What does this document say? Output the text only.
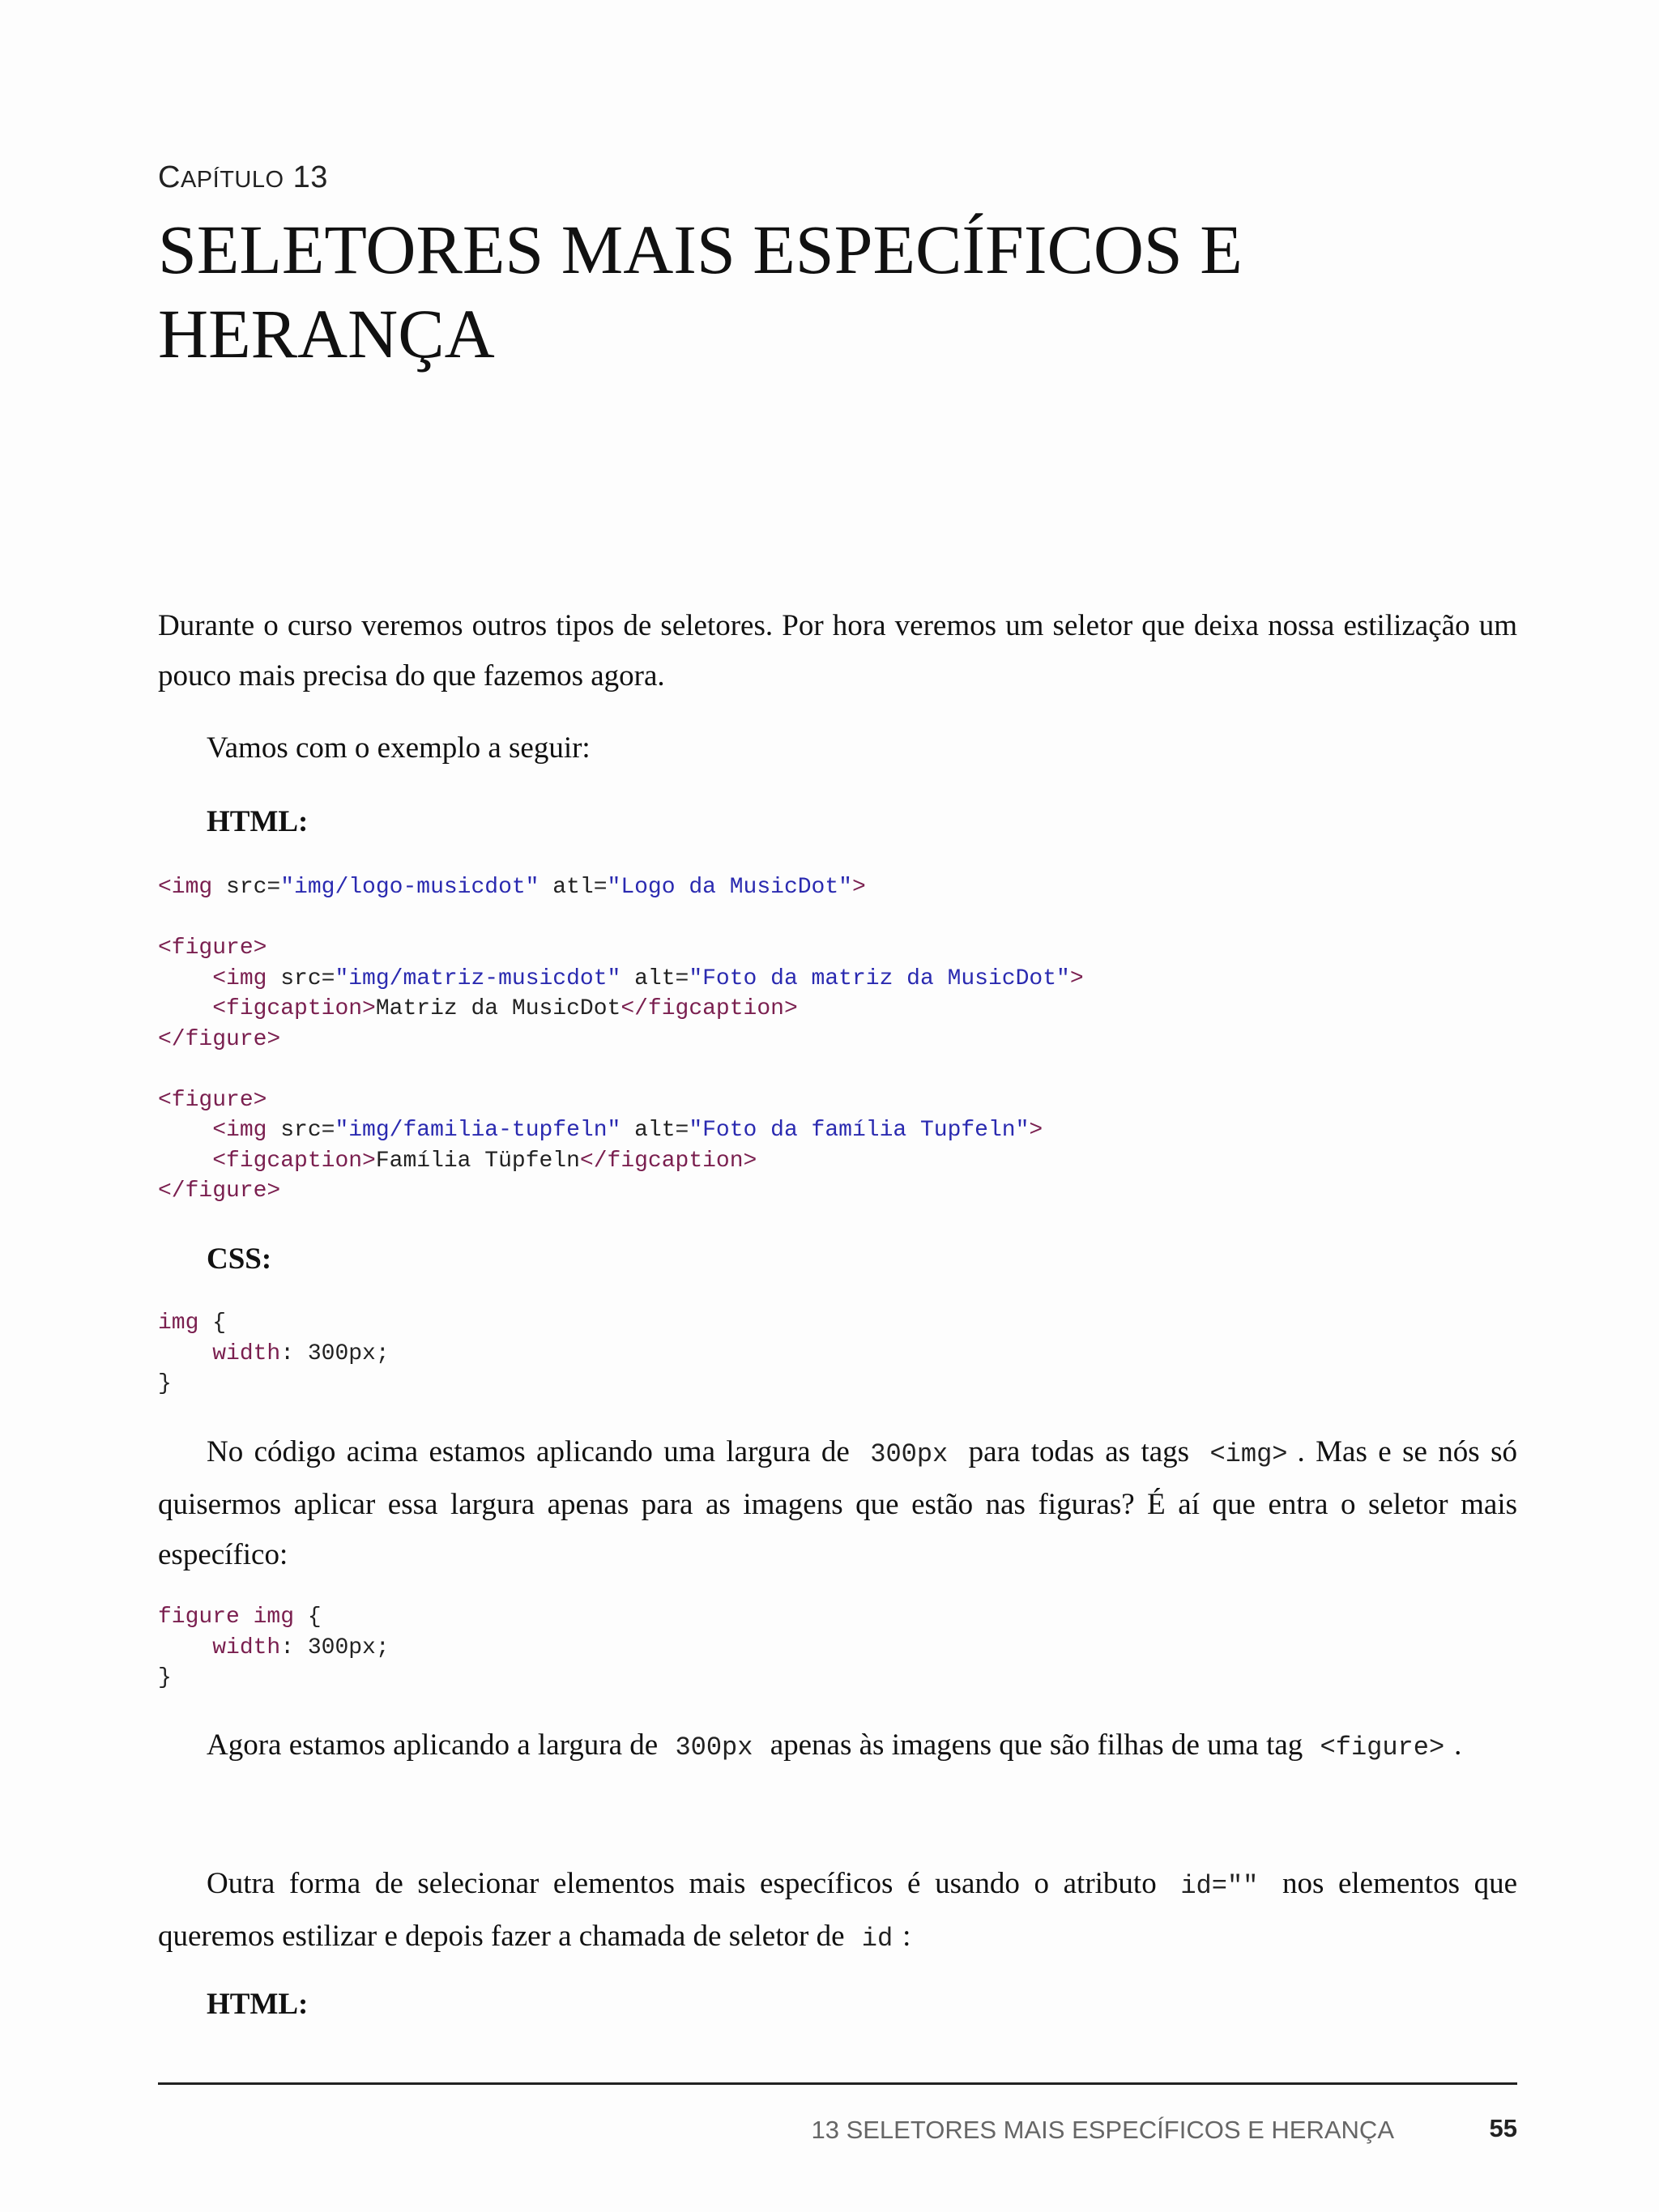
CAPÍTULO 13
SELETORES MAIS ESPECÍFICOS E
HERANÇA

Durante o curso veremos outros tipos de seletores. Por hora veremos um seletor que deixa nossa estilização um pouco mais precisa do que fazemos agora.

Vamos com o exemplo a seguir:

HTML:

<img src="img/logo-musicdot" atl="Logo da MusicDot">

<figure>
<img src="img/matriz-musicdot" alt="Foto da matriz da MusicDot">
<figcaption>Matriz da MusicDot</figcaption>
</figure>

<figure>
<img src="img/familia-tupfeln" alt="Foto da família Tupfeln">
<figcaption>Família Tüpfeln</figcaption>
</figure>

CSS:

img {
width: 300px;
}

No código acima estamos aplicando uma largura de 300px para todas as tags <img> . Mas e se nós só quisermos aplicar essa largura apenas para as imagens que estão nas figuras? É aí que entra o seletor mais específico:

figure img {
width: 300px;
}

Agora estamos aplicando a largura de 300px apenas às imagens que são filhas de uma tag <figure> .

Outra forma de selecionar elementos mais específicos é usando o atributo id="" nos elementos que queremos estilizar e depois fazer a chamada de seletor de id :

HTML:

13 SELETORES MAIS ESPECÍFICOS E HERANÇA	55
